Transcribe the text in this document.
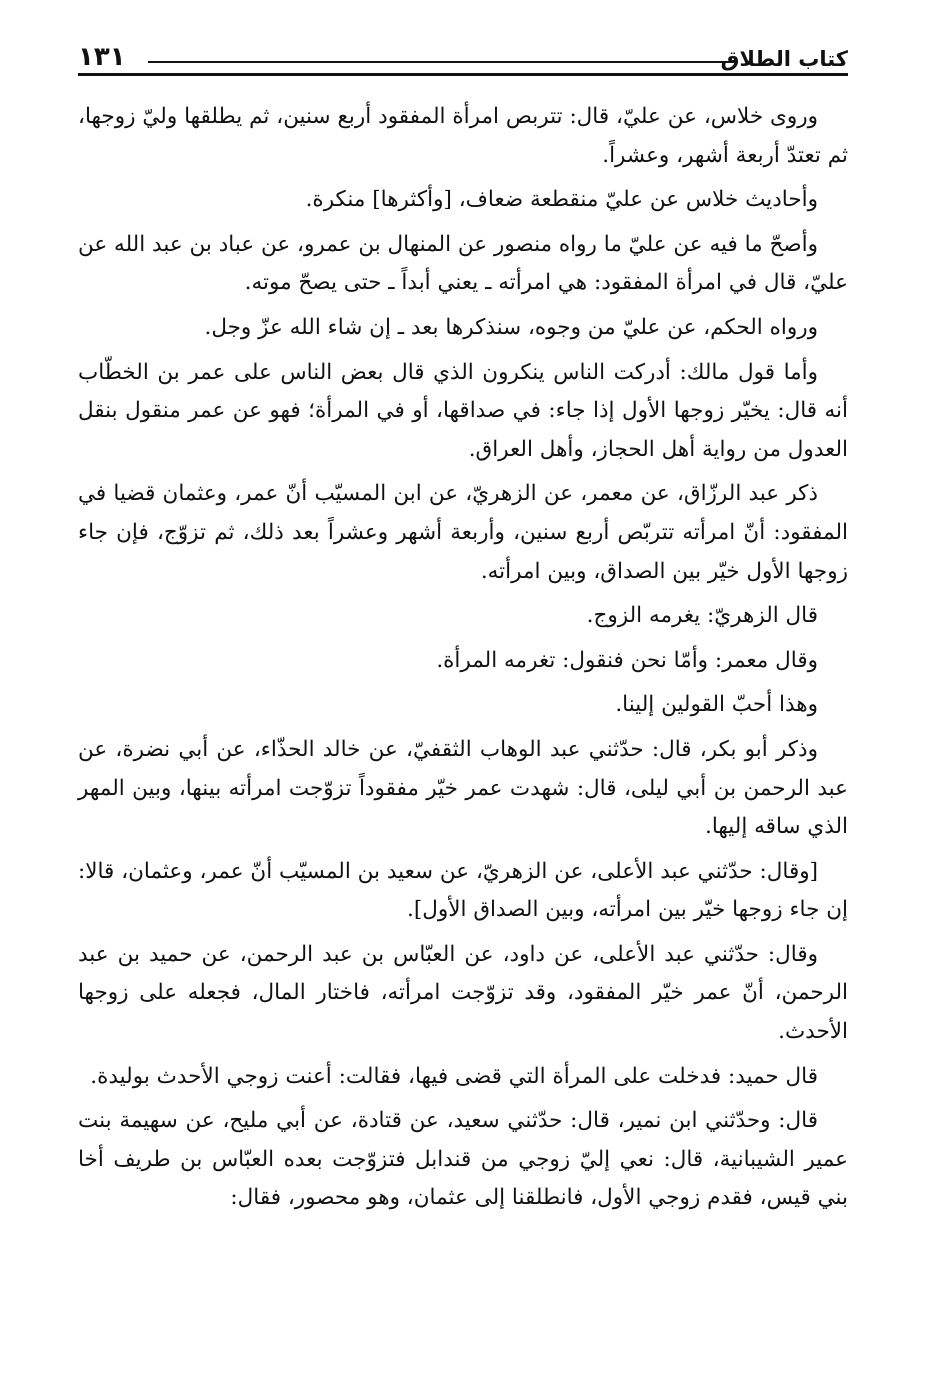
كتاب الطلاق
١٣١

وروى خلاس، عن عليّ، قال: تتربص امرأة المفقود أربع سنين، ثم يطلقها وليّ زوجها، ثم تعتدّ أربعة أشهر، وعشراً.

وأحاديث خلاس عن عليّ منقطعة ضعاف، [وأكثرها] منكرة.

وأصحّ ما فيه عن عليّ ما رواه منصور عن المنهال بن عمرو، عن عباد بن عبد الله عن عليّ، قال في امرأة المفقود: هي امرأته ـ يعني أبداً ـ حتى يصحّ موته.

ورواه الحكم، عن عليّ من وجوه، سنذكرها بعد ـ إن شاء الله عزّ وجل.

وأما قول مالك: أدركت الناس ينكرون الذي قال بعض الناس على عمر بن الخطّاب أنه قال: يخيّر زوجها الأول إذا جاء: في صداقها، أو في المرأة؛ فهو عن عمر منقول بنقل العدول من رواية أهل الحجاز، وأهل العراق.

ذكر عبد الرزّاق، عن معمر، عن الزهريّ، عن ابن المسيّب أنّ عمر، وعثمان قضيا في المفقود: أنّ امرأته تتربّص أربع سنين، وأربعة أشهر وعشراً بعد ذلك، ثم تزوّج، فإن جاء زوجها الأول خيّر بين الصداق، وبين امرأته.

قال الزهريّ: يغرمه الزوج.

وقال معمر: وأمّا نحن فنقول: تغرمه المرأة.

وهذا أحبّ القولين إلينا.

وذكر أبو بكر، قال: حدّثني عبد الوهاب الثقفيّ، عن خالد الحذّاء، عن أبي نضرة، عن عبد الرحمن بن أبي ليلى، قال: شهدت عمر خيّر مفقوداً تزوّجت امرأته بينها، وبين المهر الذي ساقه إليها.

[وقال: حدّثني عبد الأعلى، عن الزهريّ، عن سعيد بن المسيّب أنّ عمر، وعثمان، قالا: إن جاء زوجها خيّر بين امرأته، وبين الصداق الأول].

وقال: حدّثني عبد الأعلى، عن داود، عن العبّاس بن عبد الرحمن، عن حميد بن عبد الرحمن، أنّ عمر خيّر المفقود، وقد تزوّجت امرأته، فاختار المال، فجعله على زوجها الأحدث.

قال حميد: فدخلت على المرأة التي قضى فيها، فقالت: أعنت زوجي الأحدث بوليدة.

قال: وحدّثني ابن نمير، قال: حدّثني سعيد، عن قتادة، عن أبي مليح، عن سهيمة بنت عمير الشيبانية، قال: نعي إليّ زوجي من قندابل فتزوّجت بعده العبّاس بن طريف أخا بني قيس، فقدم زوجي الأول، فانطلقنا إلى عثمان، وهو محصور، فقال:
